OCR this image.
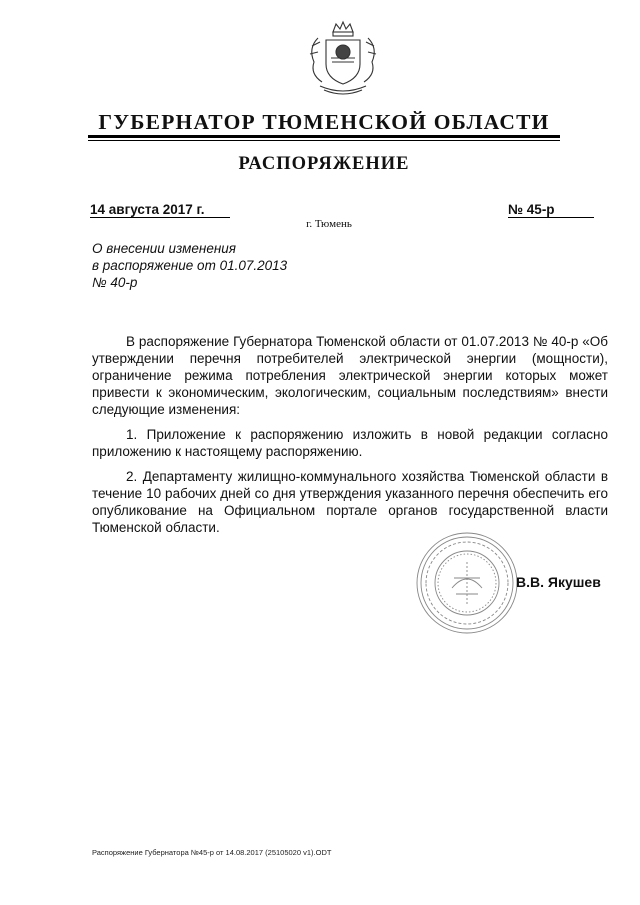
ГУБЕРНАТОР ТЮМЕНСКОЙ ОБЛАСТИ
РАСПОРЯЖЕНИЕ
14 августа 2017 г.	№ 45-р
г. Тюмень
О внесении изменения
в распоряжение от 01.07.2013
№ 40-р

В распоряжение Губернатора Тюменской области от 01.07.2013 № 40-р «Об утверждении перечня потребителей электрической энергии (мощности), ограничение режима потребления электрической энергии которых может привести к экономическим, экологическим, социальным последствиям» внести следующие изменения:

1. Приложение к распоряжению изложить в новой редакции согласно приложению к настоящему распоряжению.

2. Департаменту жилищно-коммунального хозяйства Тюменской области в течение 10 рабочих дней со дня утверждения указанного перечня обеспечить его опубликование на Официальном портале органов государственной власти Тюменской области.

В.В. Якушев
Распоряжение Губернатора №45-р от 14.08.2017 (25105020 v1).ODT
